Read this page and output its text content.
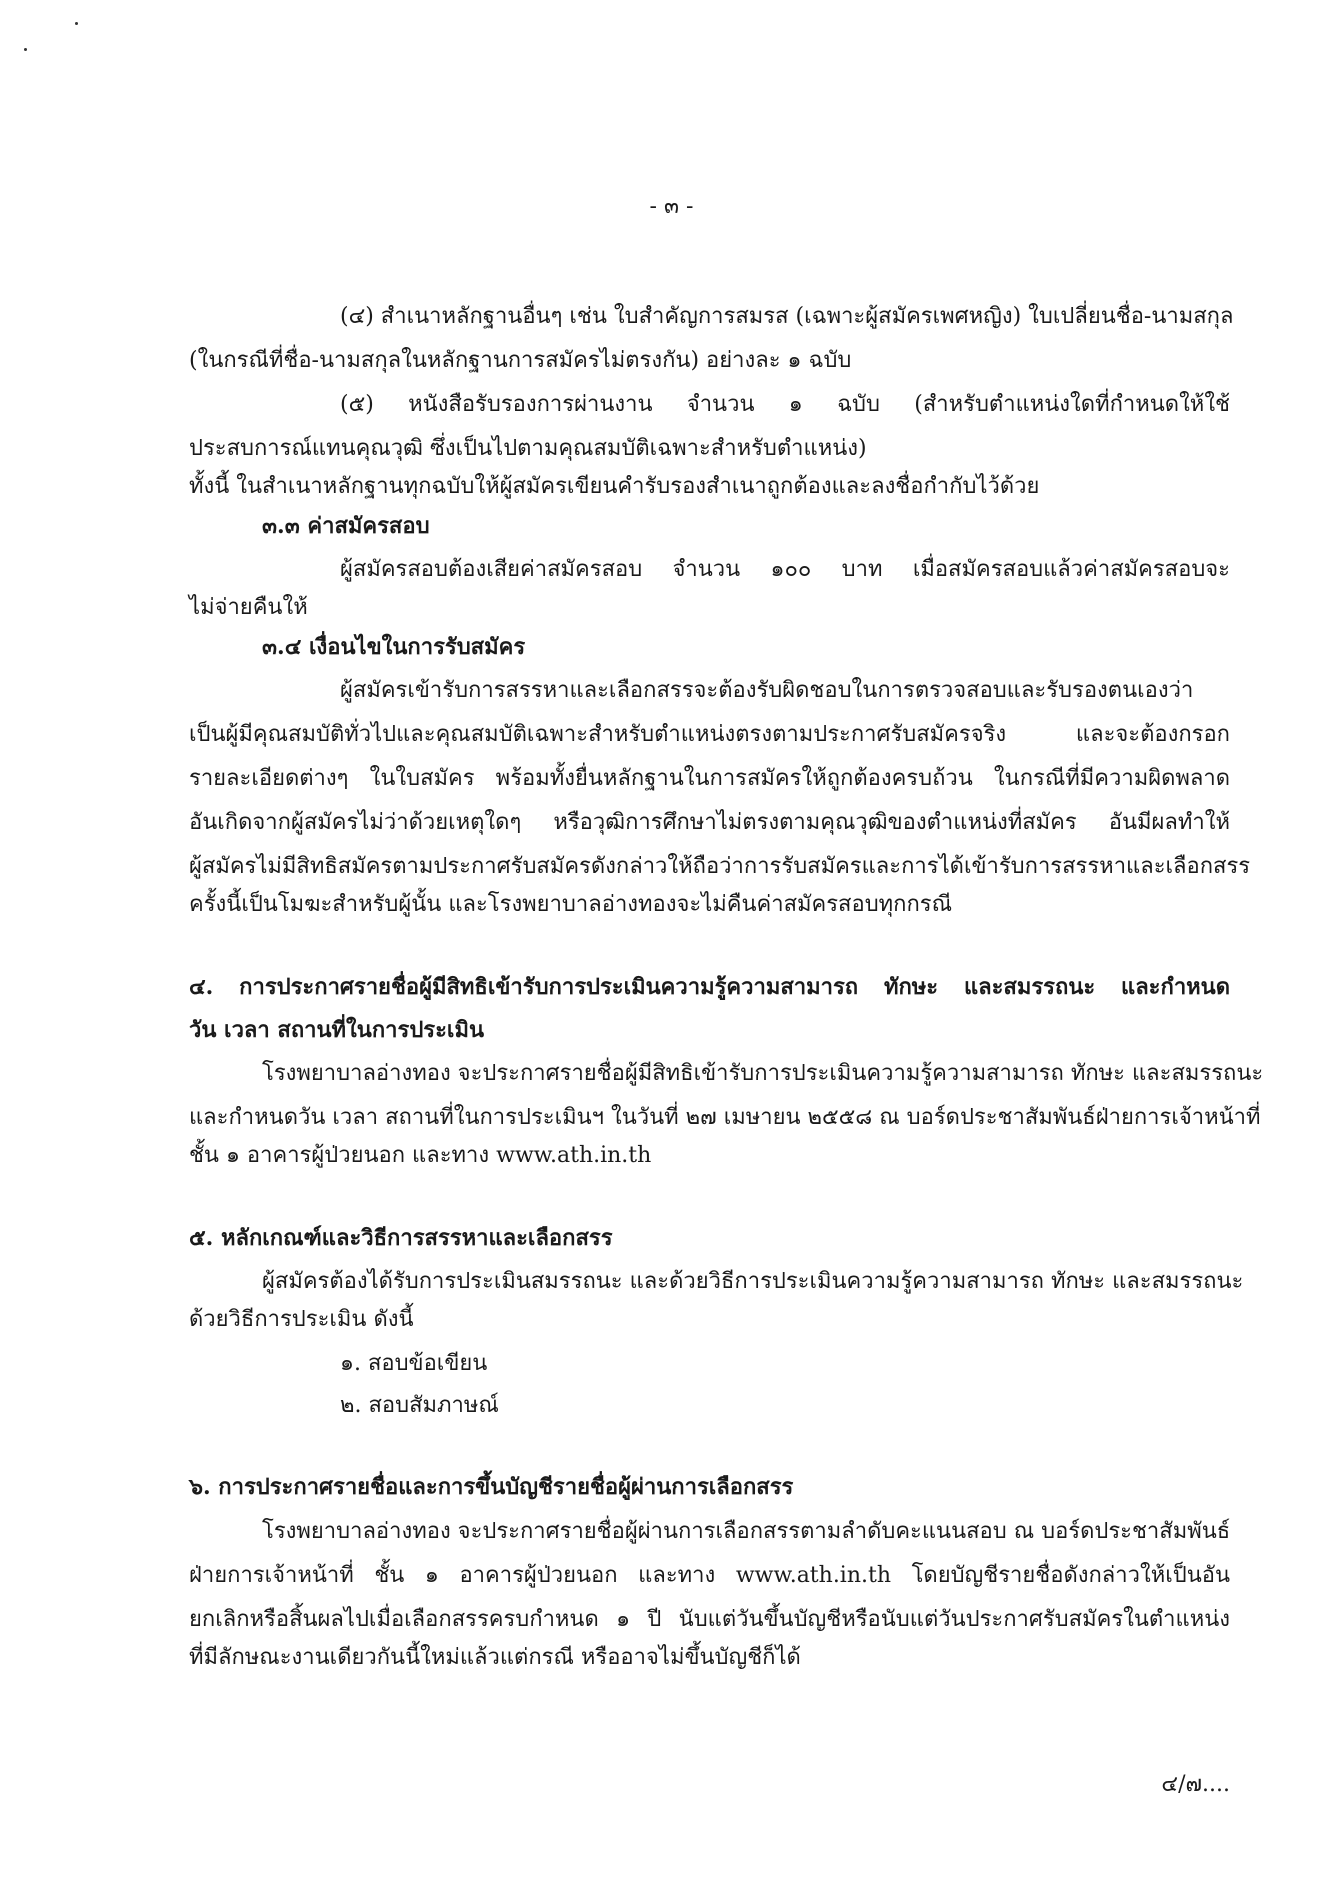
- ๓ -

(๔) สำเนาหลักฐานอื่นๆ เช่น ใบสำคัญการสมรส (เฉพาะผู้สมัครเพศหญิง) ใบเปลี่ยนชื่อ-นามสกุล

(ในกรณีที่ชื่อ-นามสกุลในหลักฐานการสมัครไม่ตรงกัน) อย่างละ ๑ ฉบับ

(๕) หนังสือรับรองการผ่านงาน จำนวน ๑ ฉบับ (สำหรับตำแหน่งใดที่กำหนดให้ใช้

ประสบการณ์แทนคุณวุฒิ ซึ่งเป็นไปตามคุณสมบัติเฉพาะสำหรับตำแหน่ง)

ทั้งนี้ ในสำเนาหลักฐานทุกฉบับให้ผู้สมัครเขียนคำรับรองสำเนาถูกต้องและลงชื่อกำกับไว้ด้วย

๓.๓ ค่าสมัครสอบ

ผู้สมัครสอบต้องเสียค่าสมัครสอบ จำนวน ๑๐๐ บาท เมื่อสมัครสอบแล้วค่าสมัครสอบจะ

ไม่จ่ายคืนให้

๓.๔ เงื่อนไขในการรับสมัคร

ผู้สมัครเข้ารับการสรรหาและเลือกสรรจะต้องรับผิดชอบในการตรวจสอบและรับรองตนเองว่า

เป็นผู้มีคุณสมบัติทั่วไปและคุณสมบัติเฉพาะสำหรับตำแหน่งตรงตามประกาศรับสมัครจริง และจะต้องกรอก

รายละเอียดต่างๆ ในใบสมัคร พร้อมทั้งยื่นหลักฐานในการสมัครให้ถูกต้องครบถ้วน ในกรณีที่มีความผิดพลาด

อันเกิดจากผู้สมัครไม่ว่าด้วยเหตุใดๆ หรือวุฒิการศึกษาไม่ตรงตามคุณวุฒิของตำแหน่งที่สมัคร อันมีผลทำให้

ผู้สมัครไม่มีสิทธิสมัครตามประกาศรับสมัครดังกล่าวให้ถือว่าการรับสมัครและการได้เข้ารับการสรรหาและเลือกสรร

ครั้งนี้เป็นโมฆะสำหรับผู้นั้น และโรงพยาบาลอ่างทองจะไม่คืนค่าสมัครสอบทุกกรณี

๔. การประกาศรายชื่อผู้มีสิทธิเข้ารับการประเมินความรู้ความสามารถ ทักษะ และสมรรถนะ และกำหนด

วัน เวลา สถานที่ในการประเมิน

โรงพยาบาลอ่างทอง จะประกาศรายชื่อผู้มีสิทธิเข้ารับการประเมินความรู้ความสามารถ ทักษะ และสมรรถนะ

และกำหนดวัน เวลา สถานที่ในการประเมินฯ ในวันที่ ๒๗ เมษายน ๒๕๕๘ ณ บอร์ดประชาสัมพันธ์ฝ่ายการเจ้าหน้าที่

ชั้น ๑ อาคารผู้ป่วยนอก และทาง www.ath.in.th

๕. หลักเกณฑ์และวิธีการสรรหาและเลือกสรร

ผู้สมัครต้องได้รับการประเมินสมรรถนะ และด้วยวิธีการประเมินความรู้ความสามารถ ทักษะ และสมรรถนะ

ด้วยวิธีการประเมิน ดังนี้

๑. สอบข้อเขียน

๒. สอบสัมภาษณ์

๖. การประกาศรายชื่อและการขึ้นบัญชีรายชื่อผู้ผ่านการเลือกสรร

โรงพยาบาลอ่างทอง จะประกาศรายชื่อผู้ผ่านการเลือกสรรตามลำดับคะแนนสอบ ณ บอร์ดประชาสัมพันธ์

ฝ่ายการเจ้าหน้าที่ ชั้น ๑ อาคารผู้ป่วยนอก และทาง www.ath.in.th โดยบัญชีรายชื่อดังกล่าวให้เป็นอัน

ยกเลิกหรือสิ้นผลไปเมื่อเลือกสรรครบกำหนด ๑ ปี นับแต่วันขึ้นบัญชีหรือนับแต่วันประกาศรับสมัครในตำแหน่ง

ที่มีลักษณะงานเดียวกันนี้ใหม่แล้วแต่กรณี หรืออาจไม่ขึ้นบัญชีก็ได้

๔/๗....
